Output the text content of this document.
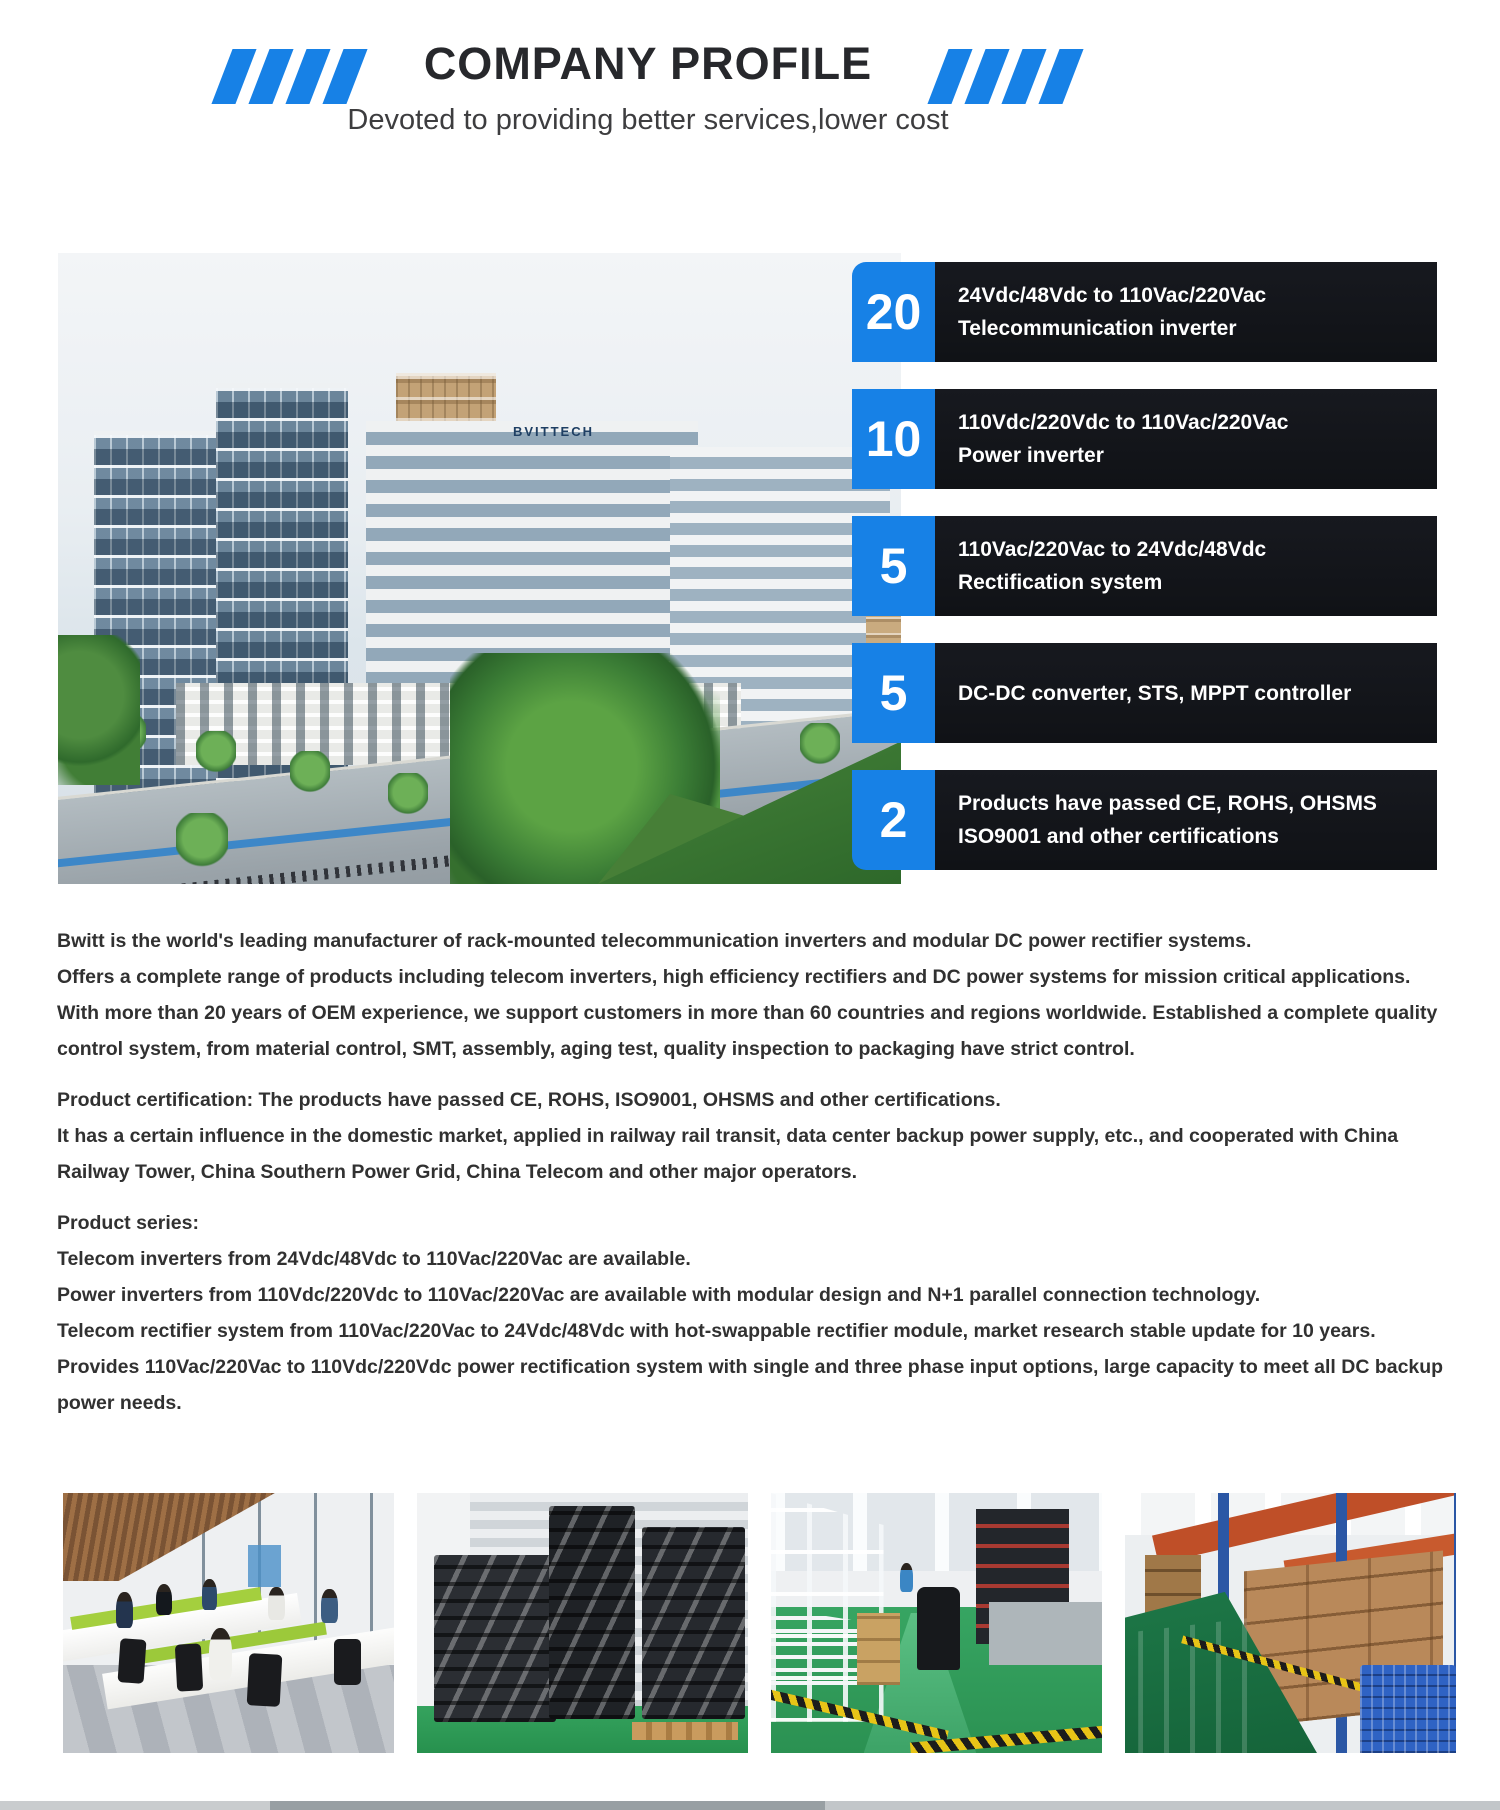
COMPANY PROFILE
Devoted to providing better services,lower cost
BVITTECH
20	24Vdc/48Vdc to 110Vac/220Vac
Telecommunication inverter
10	110Vdc/220Vdc to 110Vac/220Vac
Power inverter
5	110Vac/220Vac to 24Vdc/48Vdc
Rectification system
5	DC-DC converter, STS, MPPT controller
2	Products have passed CE, ROHS, OHSMS
ISO9001 and other certifications
Bwitt is the world's leading manufacturer of rack-mounted telecommunication inverters and modular DC power rectifier systems.
Offers a complete range of products including telecom inverters, high efficiency rectifiers and DC power systems for mission critical applications.
With more than 20 years of OEM experience, we support customers in more than 60 countries and regions worldwide. Established a complete quality control system, from material control, SMT, assembly, aging test, quality inspection to packaging have strict control.
Product certification: The products have passed CE, ROHS, ISO9001, OHSMS and other certifications.
It has a certain influence in the domestic market, applied in railway rail transit, data center backup power supply, etc., and cooperated with China Railway Tower, China Southern Power Grid, China Telecom and other major operators.
Product series:
Telecom inverters from 24Vdc/48Vdc to 110Vac/220Vac are available.
Power inverters from 110Vdc/220Vdc to 110Vac/220Vac are available with modular design and N+1 parallel connection technology.
Telecom rectifier system from 110Vac/220Vac to 24Vdc/48Vdc with hot-swappable rectifier module, market research stable update for 10 years.
Provides 110Vac/220Vac to 110Vdc/220Vdc power rectification system with single and three phase input options, large capacity to meet all DC backup power needs.
